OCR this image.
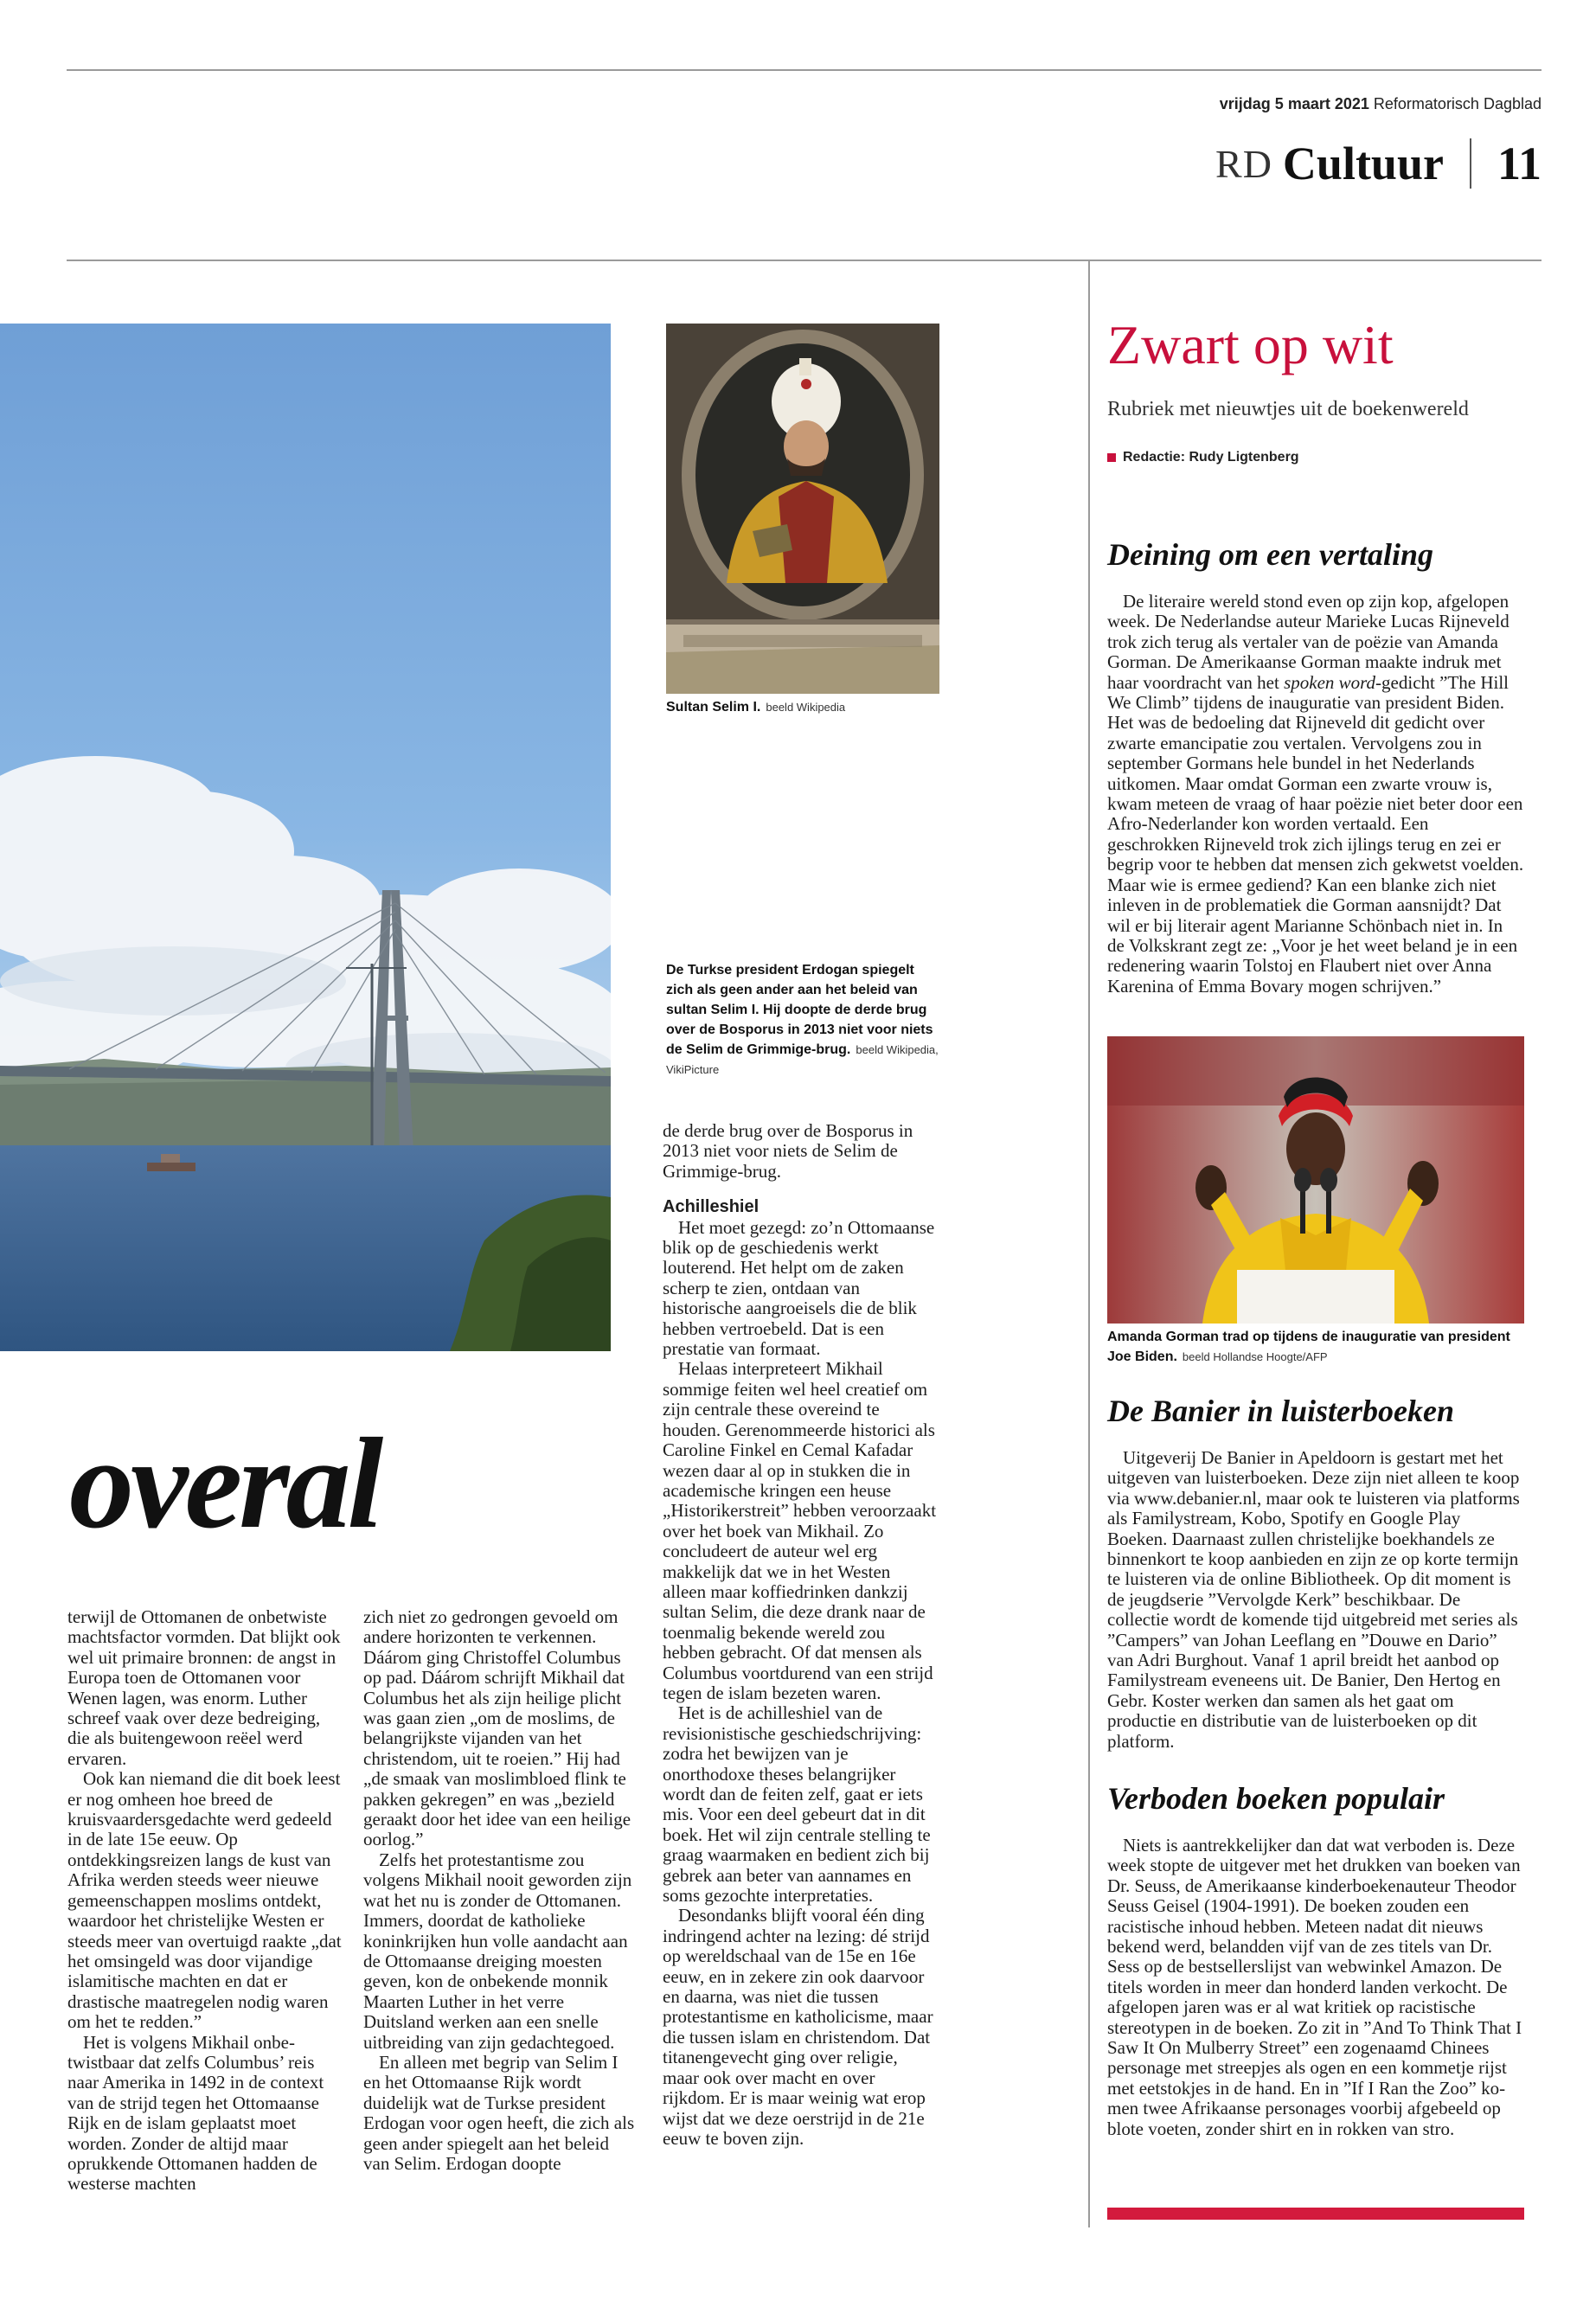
vrijdag 5 maart 2021 Reformatorisch Dagblad
RD Cultuur 11
Sultan Selim I. beeld Wikipedia
De Turkse president Erdogan spiegelt zich als geen ander aan het beleid van sultan Selim I. Hij doopte de derde brug over de Bosporus in 2013 niet voor niets de Selim de Grimmige-brug. beeld Wikipedia, VikiPicture
overal

terwijl de Ottomanen de onbetwiste machtsfactor vormden. Dat blijkt ook wel uit primaire bronnen: de angst in Europa toen de Ottomanen voor Wenen lagen, was enorm. Luther schreef vaak over deze bedreiging, die als buitengewoon reëel werd ervaren.

Ook kan niemand die dit boek leest er nog omheen hoe breed de kruisvaardersgedachte werd gedeeld in de late 15e eeuw. Op ontdekkingsreizen langs de kust van Afrika werden steeds weer nieuwe gemeenschappen moslims ontdekt, waardoor het christelijke Westen er steeds meer van overtuigd raakte „dat het omsingeld was door vijandige islamitische machten en dat er drastische maatregelen nodig waren om het te redden.”

Het is volgens Mikhail onbetwistbaar dat zelfs Columbus’ reis naar Amerika in 1492 in de context van de strijd tegen het Ottomaanse Rijk en de islam geplaatst moet worden. Zonder de altijd maar oprukkende Ottomanen hadden de westerse machten

zich niet zo gedrongen gevoeld om andere horizonten te verkennen. Dáárom ging Christoffel Columbus op pad. Dáárom schrijft Mikhail dat Columbus het als zijn heilige plicht was gaan zien „om de moslims, de belangrijkste vijanden van het christendom, uit te roeien.” Hij had „de smaak van moslimbloed flink te pakken gekregen” en was „bezield geraakt door het idee van een heilige oorlog.”

Zelfs het protestantisme zou volgens Mikhail nooit geworden zijn wat het nu is zonder de Ottomanen. Immers, doordat de katholieke koninkrijken hun volle aandacht aan de Ottomaanse dreiging moesten geven, kon de onbekende monnik Maarten Luther in het verre Duitsland werken aan een snelle uitbreiding van zijn gedachtegoed.

En alleen met begrip van Selim I en het Ottomaanse Rijk wordt duidelijk wat de Turkse president Erdogan voor ogen heeft, die zich als geen ander spiegelt aan het beleid van Selim. Erdogan doopte

de derde brug over de Bosporus in 2013 niet voor niets de Selim de Grimmige-brug.

Achilleshiel

Het moet gezegd: zo’n Ottomaanse blik op de geschiedenis werkt louterend. Het helpt om de zaken scherp te zien, ontdaan van historische aangroeisels die de blik hebben vertroebeld. Dat is een prestatie van formaat.

Helaas interpreteert Mikhail sommige feiten wel heel creatief om zijn centrale these overeind te houden. Gerenommeerde historici als Caroline Finkel en Cemal Kafadar wezen daar al op in stukken die in academische kringen een heuse „Historikerstreit” hebben veroorzaakt over het boek van Mikhail. Zo concludeert de auteur wel erg makkelijk dat we in het Westen alleen maar koffiedrinken dankzij sultan Selim, die deze drank naar de toenmalig bekende wereld zou hebben gebracht. Of dat mensen als Columbus voortdurend van een strijd tegen de islam bezeten waren.

Het is de achilleshiel van de revisionistische geschiedschrijving: zodra het bewijzen van je onorthodoxe theses belangrijker wordt dan de feiten zelf, gaat er iets mis. Voor een deel gebeurt dat in dit boek. Het wil zijn centrale stelling te graag waarmaken en bedient zich bij gebrek aan beter van aannames en soms gezochte interpretaties.

Desondanks blijft vooral één ding indringend achter na lezing: dé strijd op wereldschaal van de 15e en 16e eeuw, en in zekere zin ook daarvoor en daarna, was niet die tussen protestantisme en katholicisme, maar die tussen islam en christendom. Dat titanengevecht ging over religie, maar ook over macht en over rijkdom. Er is maar weinig wat erop wijst dat we deze oerstrijd in de 21e eeuw te boven zijn.

Zwart op wit
Rubriek met nieuwtjes uit de boekenwereld
Redactie: Rudy Ligtenberg
Deining om een vertaling

De literaire wereld stond even op zijn kop, afgelopen week. De Nederlandse auteur Marieke Lucas Rijneveld trok zich terug als vertaler van de poëzie van Amanda Gorman. De Amerikaanse Gorman maakte indruk met haar voordracht van het spoken word-gedicht ”The Hill We Climb” tijdens de inauguratie van president Biden. Het was de bedoeling dat Rijneveld dit gedicht over zwarte emancipatie zou vertalen. Vervolgens zou in september Gormans hele bundel in het Nederlands uitkomen. Maar omdat Gorman een zwarte vrouw is, kwam meteen de vraag of haar poëzie niet beter door een Afro-Nederlander kon worden vertaald. Een geschrokken Rijneveld trok zich ijlings terug en zei er begrip voor te hebben dat mensen zich gekwetst voelden. Maar wie is ermee gediend? Kan een blanke zich niet inleven in de problematiek die Gorman aansnijdt? Dat wil er bij literair agent Marianne Schönbach niet in. In de Volkskrant zegt ze: „Voor je het weet beland je in een redenering waarin Tolstoj en Flaubert niet over Anna Karenina of Emma Bovary mogen schrijven.”

Amanda Gorman trad op tijdens de inauguratie van president Joe Biden. beeld Hollandse Hoogte/AFP
De Banier in luisterboeken

Uitgeverij De Banier in Apeldoorn is gestart met het uitgeven van luisterboeken. Deze zijn niet alleen te koop via www.debanier.nl, maar ook te luisteren via platforms als Familystream, Kobo, Spotify en Google Play Boeken. Daarnaast zullen christelijke boekhandels ze binnenkort te koop aanbieden en zijn ze op korte termijn te luisteren via de online Bibliotheek. Op dit moment is de jeugdserie ”Vervolgde Kerk” beschikbaar. De collectie wordt de komende tijd uitgebreid met series als ”Campers” van Johan Leeflang en ”Douwe en Dario” van Adri Burghout. Vanaf 1 april breidt het aanbod op Familystream eveneens uit. De Banier, Den Hertog en Gebr. Koster werken dan samen als het gaat om productie en distributie van de luisterboeken op dit platform.

Verboden boeken populair

Niets is aantrekkelijker dan dat wat verboden is. Deze week stopte de uitgever met het drukken van boeken van Dr. Seuss, de Amerikaanse kinderboekenauteur Theodor Seuss Geisel (1904-1991). De boeken zouden een racistische inhoud hebben. Meteen nadat dit nieuws bekend werd, belandden vijf van de zes titels van Dr. Sess op de bestsellerslijst van webwinkel Amazon. De titels worden in meer dan honderd landen verkocht. De afgelopen jaren was er al wat kritiek op racistische stereotypen in de boeken. Zo zit in ”And To Think That I Saw It On Mulberry Street” een zogenaamd Chinees personage met streepjes als ogen en een kommetje rijst met eetstokjes in de hand. En in ”If I Ran the Zoo” komen twee Afrikaanse personages voorbij afgebeeld op blote voeten, zonder shirt en in rokken van stro.
